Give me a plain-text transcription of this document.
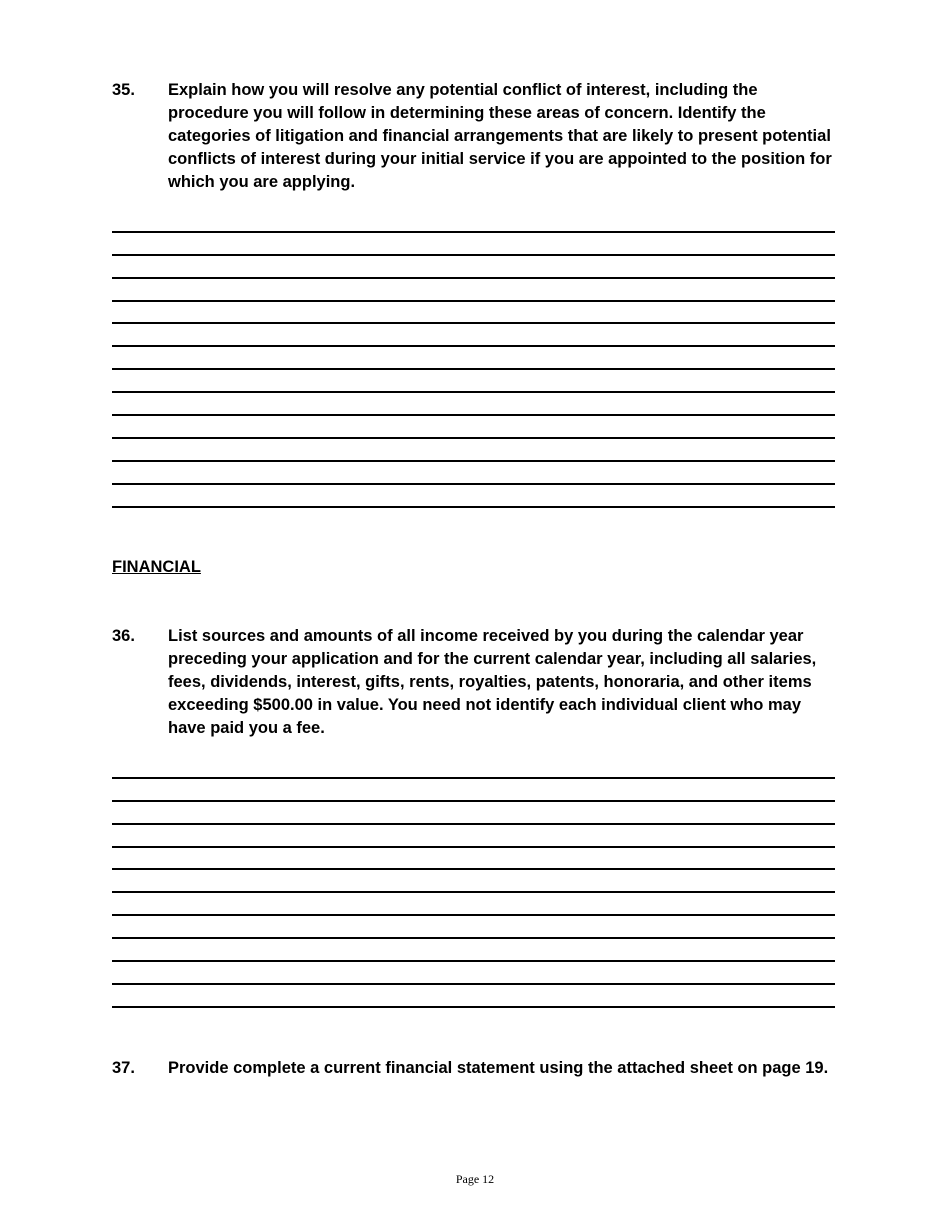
35. Explain how you will resolve any potential conflict of interest, including the procedure you will follow in determining these areas of concern. Identify the categories of litigation and financial arrangements that are likely to present potential conflicts of interest during your initial service if you are appointed to the position for which you are applying.
FINANCIAL
36. List sources and amounts of all income received by you during the calendar year preceding your application and for the current calendar year, including all salaries, fees, dividends, interest, gifts, rents, royalties, patents, honoraria, and other items exceeding $500.00 in value. You need not identify each individual client who may have paid you a fee.
37. Provide complete a current financial statement using the attached sheet on page 19.
Page 12
